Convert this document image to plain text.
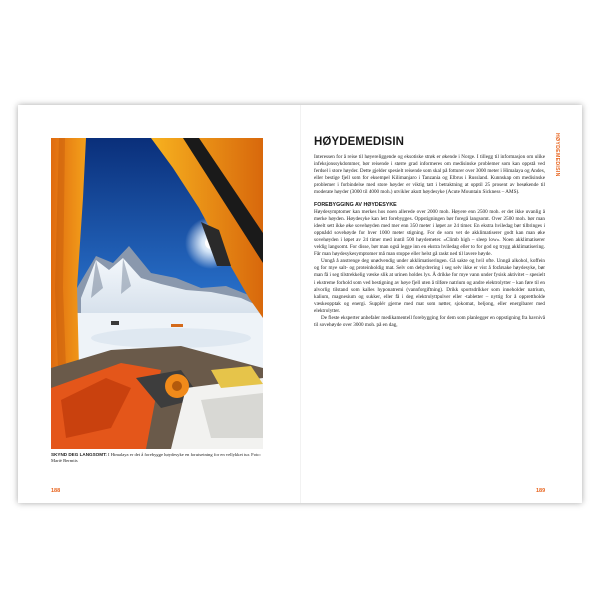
SKYND DEG LANGSOMT: I Himalaya er det å forebygge høydesyke en forutsetning for en vellykket tur. Foto: Martè Bermtis
188
HØYDEMEDISIN

Interessen for å reise til høyereliggende og eksotiske strøk er økende i Norge. I tillegg til informasjon om ulike infeksjonssykdommer, bør reisende i større grad informeres om medisinske problemer som kan oppstå ved ferdsel i store høyder. Dette gjelder spesielt reisende som skal på fotturer over 3000 meter i Himalaya og Andes, eller bestige fjell som for eksempel Kilimanjaro i Tanzania og Elbrus i Russland. Kunnskap om medisinske problemer i forbindelse med store høyder er viktig tatt i betraktning at opptil 25 prosent av besøkende til moderate høyder (3000 til 4000 moh.) utvikler akutt høydesyke (Acute Mountain Sickness – AMS).

FOREBYGGING AV HØYDESYKE

Høydesymptomer kan merkes hos noen allerede over 2000 moh. Høyere enn 2500 moh. er det ikke uvanlig å merke høyden. Høydesyke kan lett forebygges. Oppstigningen bør foregå langsomt. Over 2500 moh. bør man ideelt sett ikke øke sovehøyden med mer enn 350 meter i løpet av 24 timer. En ekstra hviledag bør tilbringes i oppnådd sovehøyde for hver 1000 meter stigning. For de som vet de akklimatiserer godt kan man øke sovehøyden i løpet av 24 timer med inntil 500 høydemeter. «Climb high – sleep low». Noen akklimatiserer veldig langsomt. For disse, bør man også legge inn en ekstra hviledag eller to for god og trygg akklimatisering. Får man høydesykesymptomer må man stoppe eller helst gå raskt ned til lavere høyde.

Unngå å anstrenge deg unødvendig under akklimatiseringen. Gå sakte og hvil ofte. Unngå alkohol, koffein og for mye salt- og proteinholdig mat. Selv om dehydrering i seg selv ikke er vist å forårsake høydesyke, bør man få i seg tilstrekkelig væske slik at urinen holdes lys. Å drikke for mye vann under fysisk aktivitet – spesielt i ekstreme forhold som ved bestigning av høye fjell uten å tilføre natrium og andre elektrolytter – kan føre til en alvorlig tilstand som kalles hyponatremi (vannforgiftning). Drikk sportsdrikker som inneholder natrium, kalium, magnesium og sukker, eller få i deg elektrolyttpulver eller -tabletter – nyttig for å opprettholde væskeopptak og energi. Supplér gjerne med mat som nøtter, sjokomat, beljong, eller energibarer med elektrolytter.

De fleste eksperter anbefaler medikamentell forebygging for dem som planlegger en oppstigning fra havnivå til sovehøyde over 3000 moh. på en dag,

HØYDEMEDISIN
189
